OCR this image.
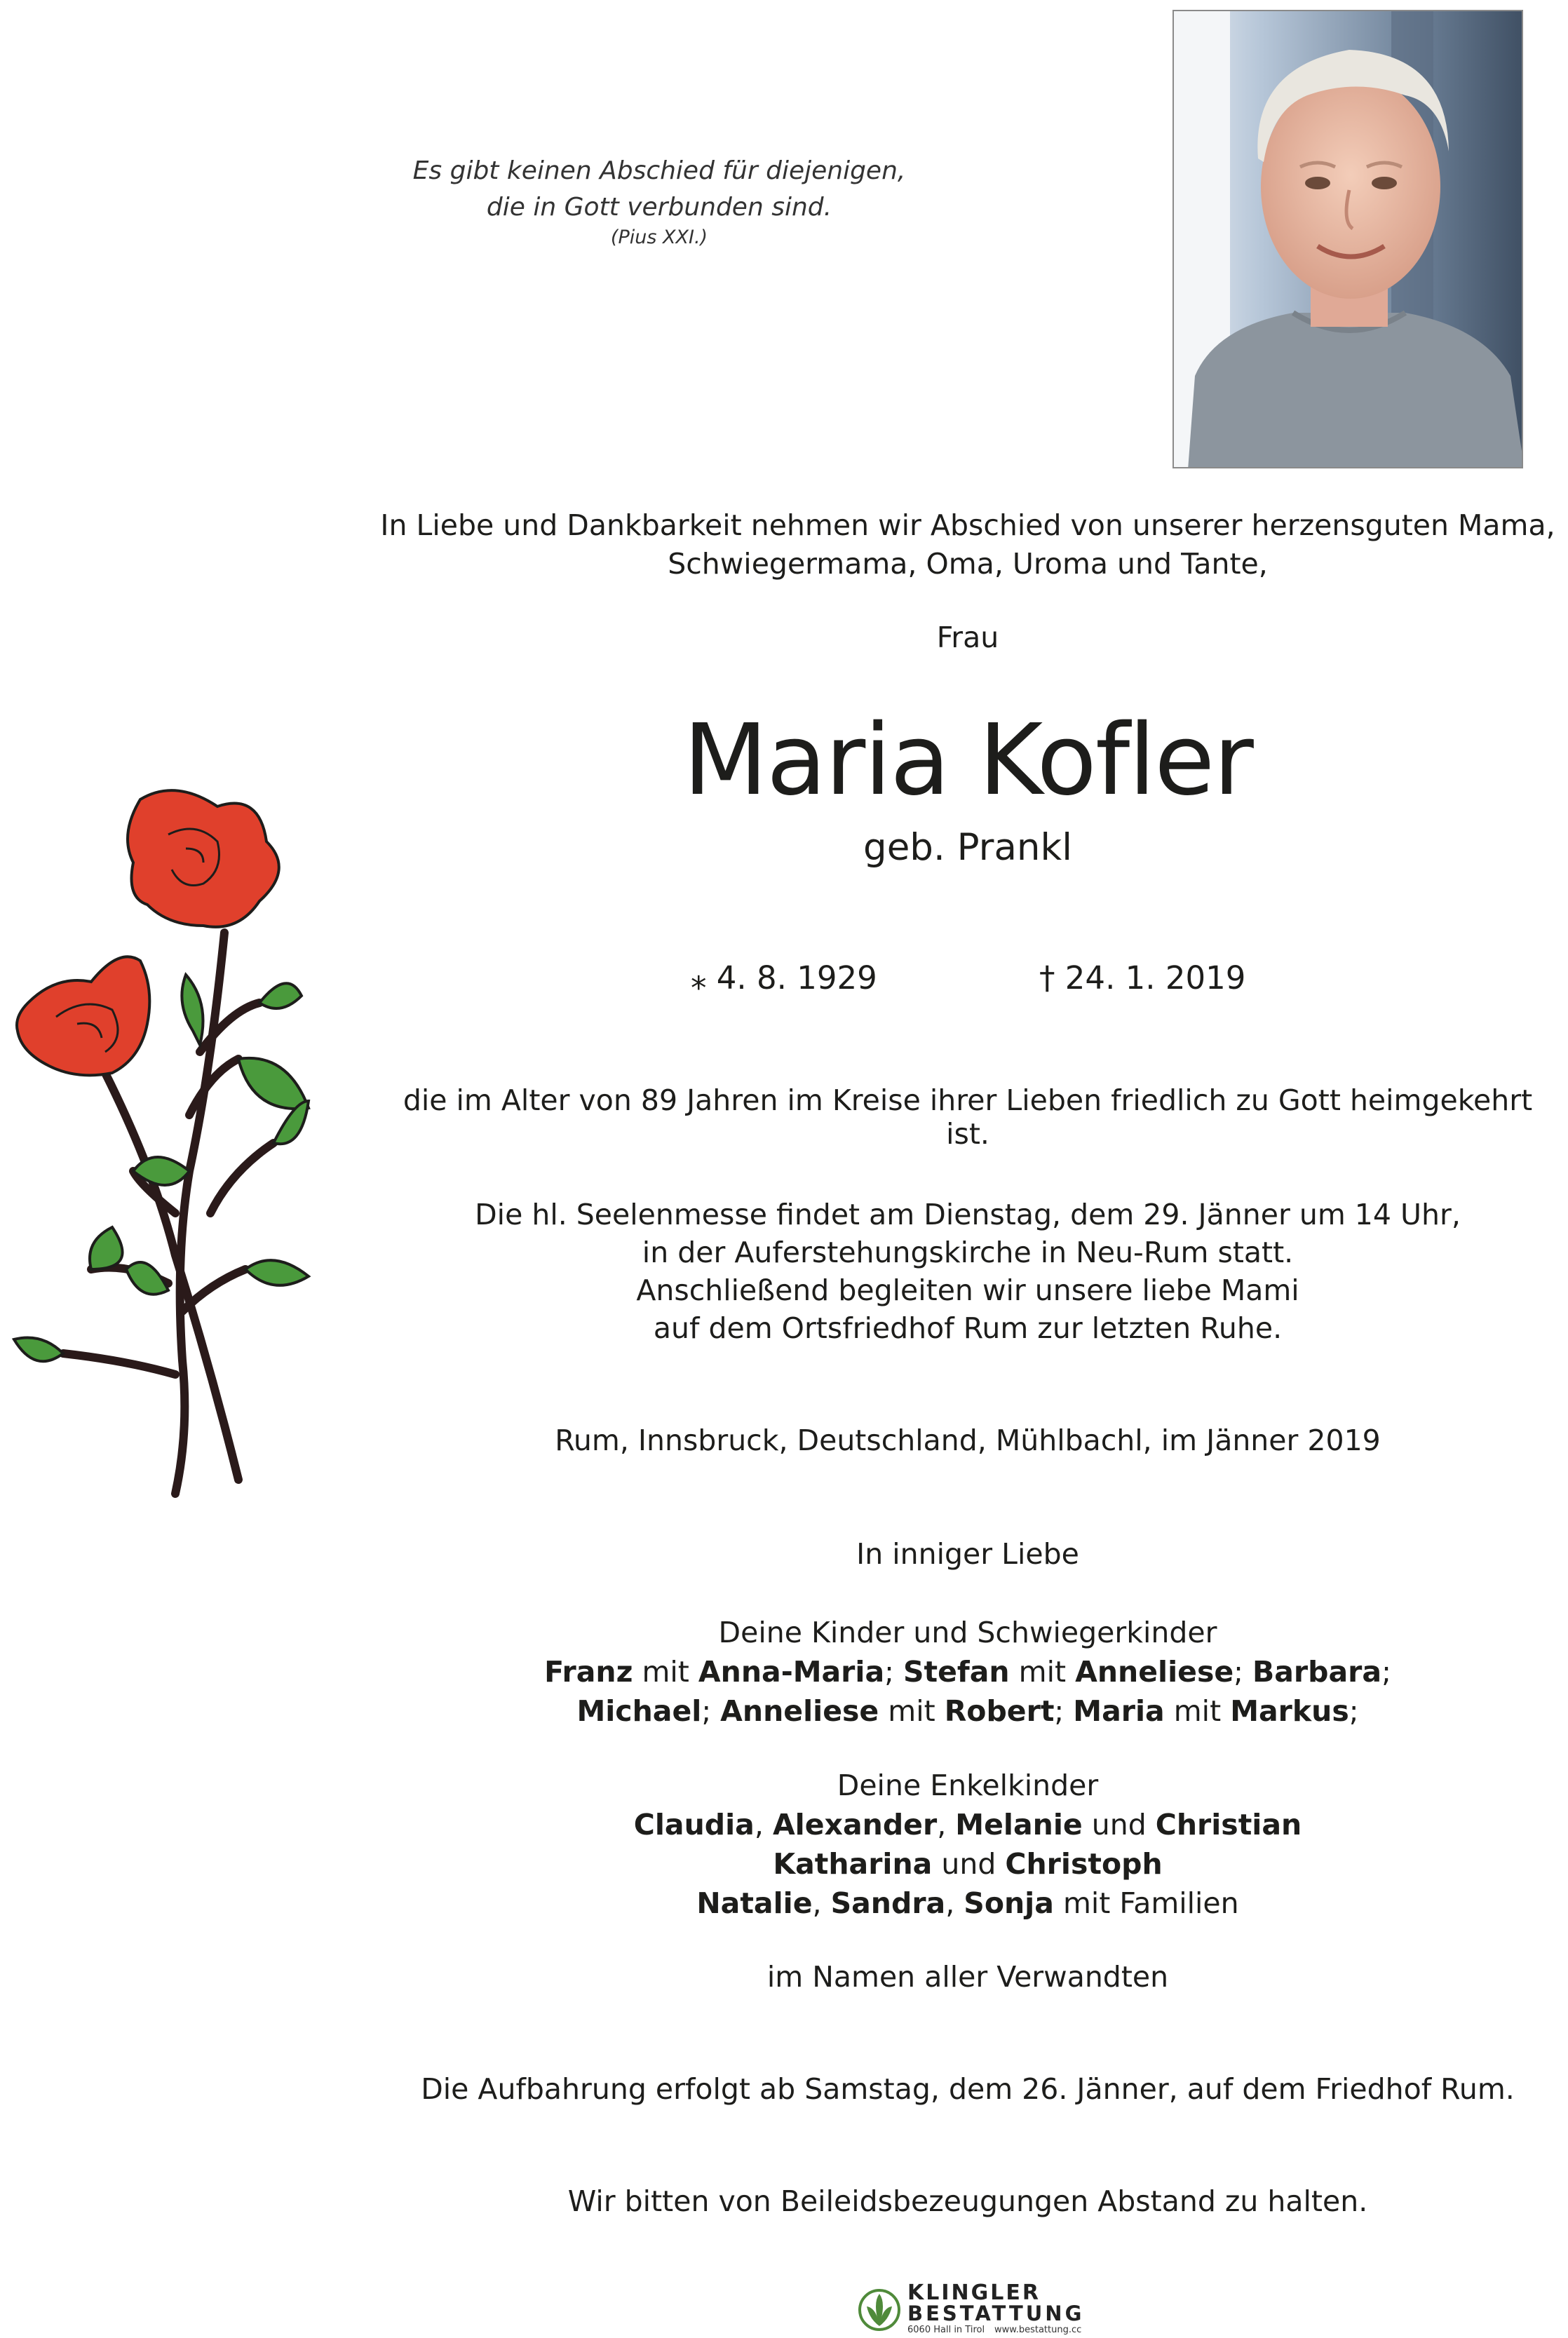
Es gibt keinen Abschied für diejenigen,
die in Gott verbunden sind.
(Pius XXI.)
In Liebe und Dankbarkeit nehmen wir Abschied von unserer herzensguten Mama,
Schwiegermama, Oma, Uroma und Tante,
Frau
Maria Kofler
geb. Prankl
⁎ 4. 8. 1929	† 24. 1. 2019
die im Alter von 89 Jahren im Kreise ihrer Lieben friedlich zu Gott heimgekehrt ist.
Die hl. Seelenmesse findet am Dienstag, dem 29. Jänner um 14 Uhr,
in der Auferstehungskirche in Neu-Rum statt.
Anschließend begleiten wir unsere liebe Mami
auf dem Ortsfriedhof Rum zur letzten Ruhe.
Rum, Innsbruck, Deutschland, Mühlbachl, im Jänner 2019
In inniger Liebe
Deine Kinder und Schwiegerkinder
Franz mit Anna-Maria; Stefan mit Anneliese; Barbara;
Michael; Anneliese mit Robert; Maria mit Markus;
Deine Enkelkinder
Claudia, Alexander, Melanie und Christian
Katharina und Christoph
Natalie, Sandra, Sonja mit Familien
im Namen aller Verwandten
Die Aufbahrung erfolgt ab Samstag, dem 26. Jänner, auf dem Friedhof Rum.
Wir bitten von Beileidsbezeugungen Abstand zu halten.
KLINGLER
BESTATTUNG
6060 Hall in Tirol www.bestattung.cc
